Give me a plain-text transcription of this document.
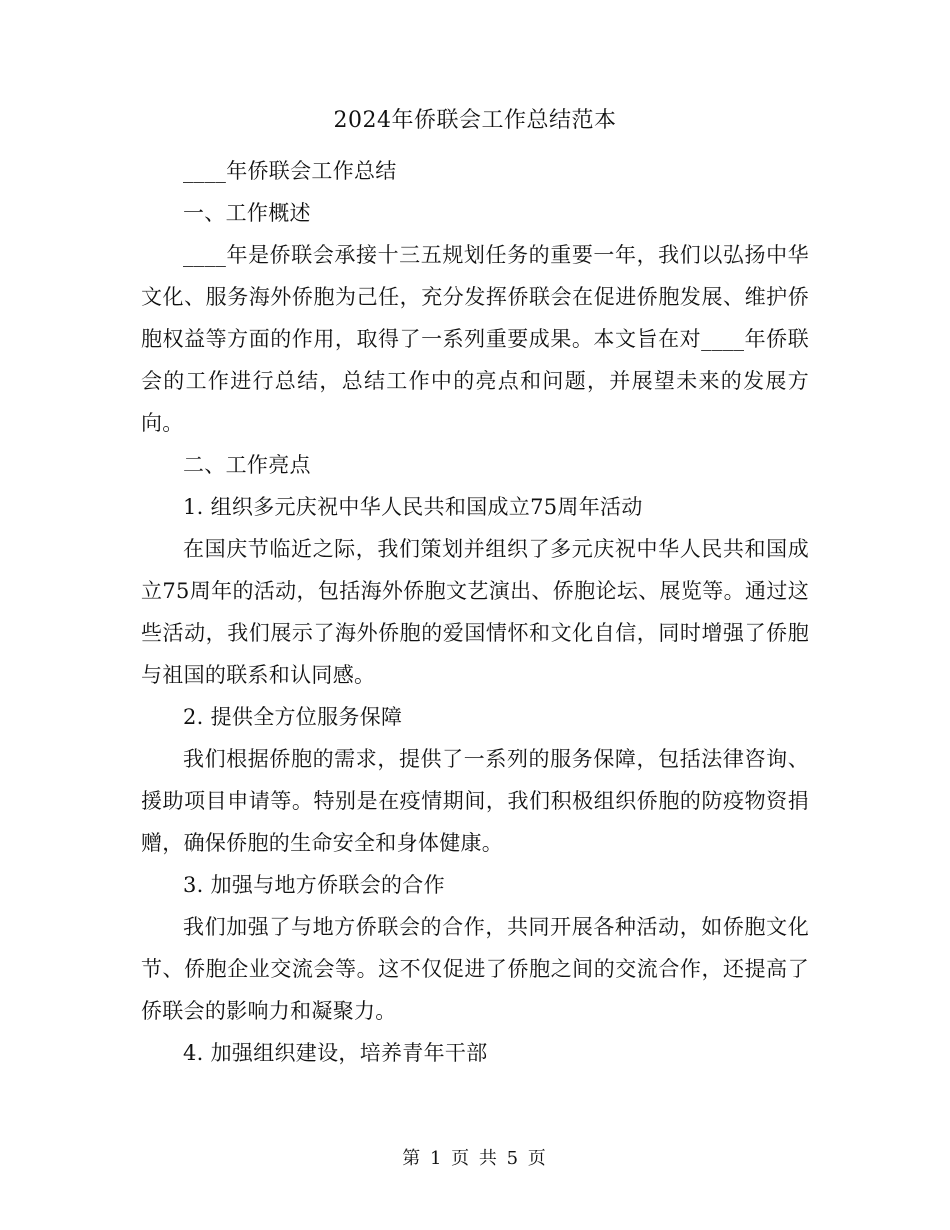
2024年侨联会工作总结范本

____年侨联会工作总结

一、工作概述

____年是侨联会承接十三五规划任务的重要一年，我们以弘扬中华文化、服务海外侨胞为己任，充分发挥侨联会在促进侨胞发展、维护侨胞权益等方面的作用，取得了一系列重要成果。本文旨在对____年侨联会的工作进行总结，总结工作中的亮点和问题，并展望未来的发展方向。

二、工作亮点

1. 组织多元庆祝中华人民共和国成立75周年活动

在国庆节临近之际，我们策划并组织了多元庆祝中华人民共和国成立75周年的活动，包括海外侨胞文艺演出、侨胞论坛、展览等。通过这些活动，我们展示了海外侨胞的爱国情怀和文化自信，同时增强了侨胞与祖国的联系和认同感。

2. 提供全方位服务保障

我们根据侨胞的需求，提供了一系列的服务保障，包括法律咨询、援助项目申请等。特别是在疫情期间，我们积极组织侨胞的防疫物资捐赠，确保侨胞的生命安全和身体健康。

3. 加强与地方侨联会的合作

我们加强了与地方侨联会的合作，共同开展各种活动，如侨胞文化节、侨胞企业交流会等。这不仅促进了侨胞之间的交流合作，还提高了侨联会的影响力和凝聚力。

4. 加强组织建设，培养青年干部

第 1 页 共 5 页
